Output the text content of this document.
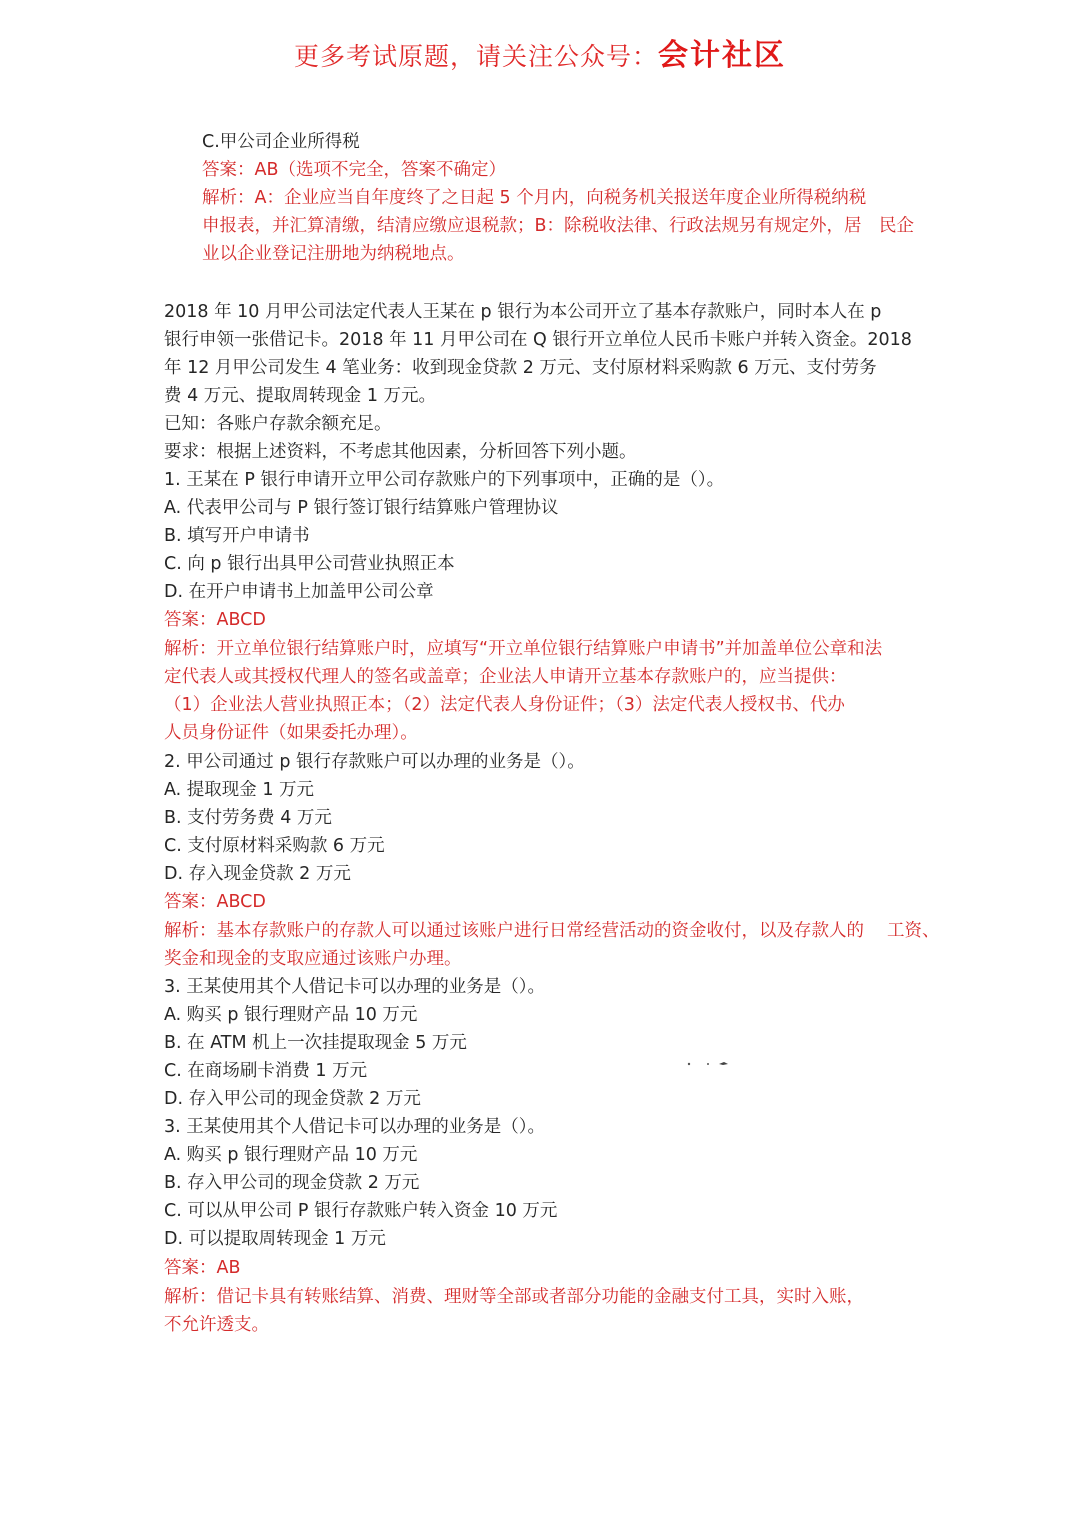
更多考试原题，请关注公众号：会计社区
C.甲公司企业所得税
答案：AB（选项不完全，答案不确定）
解析：A：企业应当自年度终了之日起 5 个月内，向税务机关报送年度企业所得税纳税
申报表，并汇算清缴，结清应缴应退税款；B：除税收法律、行政法规另有规定外，居　民企
业以企业登记注册地为纳税地点。
2018 年 10 月甲公司法定代表人王某在 p 银行为本公司开立了基本存款账户，同时本人在 p
银行申领一张借记卡。2018 年 11 月甲公司在 Q 银行开立单位人民币卡账户并转入资金。2018
年 12 月甲公司发生 4 笔业务：收到现金贷款 2 万元、支付原材料采购款 6 万元、支付劳务
费 4 万元、提取周转现金 1 万元。
已知：各账户存款余额充足。
要求：根据上述资料，不考虑其他因素，分析回答下列小题。
1. 王某在 P 银行申请开立甲公司存款账户的下列事项中，正确的是（）。
A. 代表甲公司与 P 银行签订银行结算账户管理协议
B. 填写开户申请书
C. 向 p 银行出具甲公司营业执照正本
D. 在开户申请书上加盖甲公司公章
答案：ABCD
解析：开立单位银行结算账户时，应填写“开立单位银行结算账户申请书”并加盖单位公章和法
定代表人或其授权代理人的签名或盖章；企业法人申请开立基本存款账户的，应当提供：
（1）企业法人营业执照正本；（2）法定代表人身份证件；（3）法定代表人授权书、代办
人员身份证件（如果委托办理）。
2. 甲公司通过 p 银行存款账户可以办理的业务是（）。
A. 提取现金 1 万元
B. 支付劳务费 4 万元
C. 支付原材料采购款 6 万元
D. 存入现金贷款 2 万元
答案：ABCD
解析：基本存款账户的存款人可以通过该账户进行日常经营活动的资金收付，以及存款人的　 工资、
奖金和现金的支取应通过该账户办理。
3. 王某使用其个人借记卡可以办理的业务是（）。
A. 购买 p 银行理财产品 10 万元
B. 在 ATM 机上一次挂提取现金 5 万元
C. 在商场刷卡消费 1 万元
D. 存入甲公司的现金贷款 2 万元
3. 王某使用其个人借记卡可以办理的业务是（）。
A. 购买 p 银行理财产品 10 万元
B. 存入甲公司的现金贷款 2 万元
C. 可以从甲公司 P 银行存款账户转入资金 10 万元
D. 可以提取周转现金 1 万元
答案：AB
解析：借记卡具有转账结算、消费、理财等全部或者部分功能的金融支付工具，实时入账，
不允许透支。
